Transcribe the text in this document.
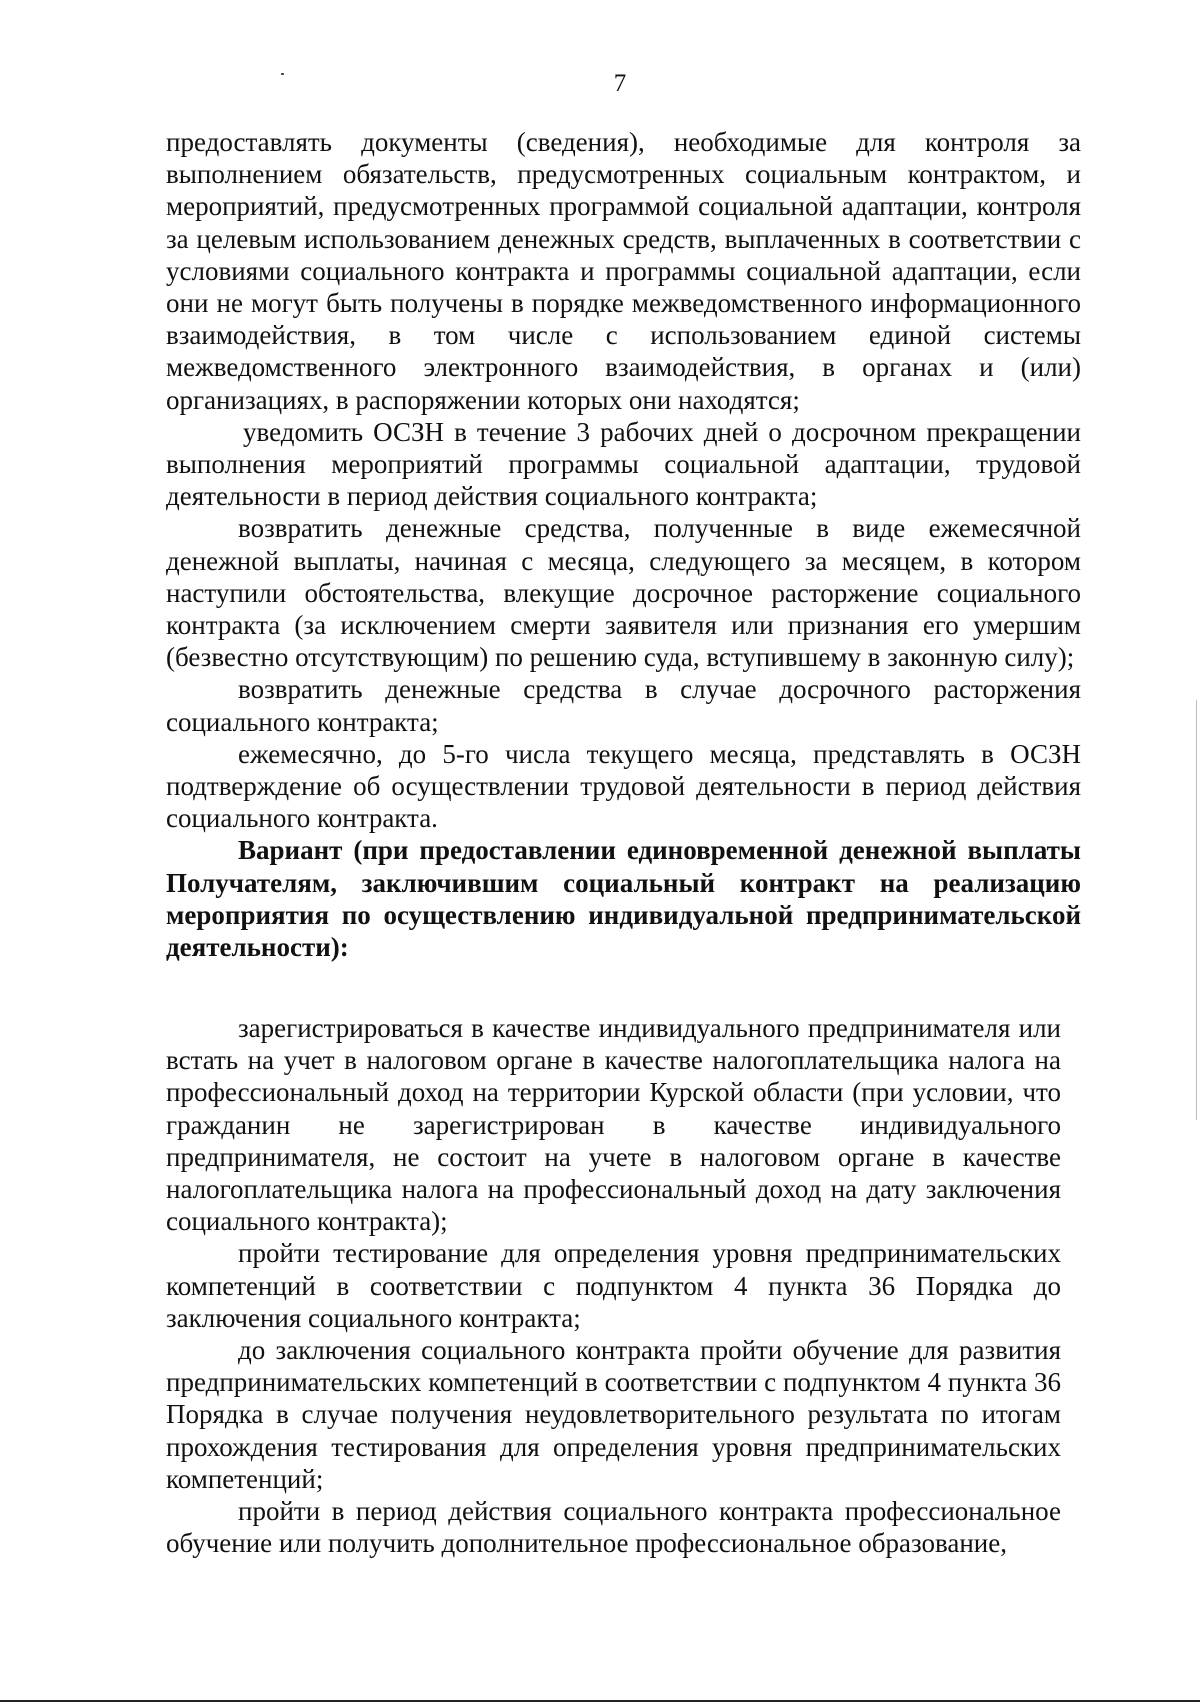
7

предоставлять документы (сведения), необходимые для контроля за выполнением обязательств, предусмотренных социальным контрактом, и мероприятий, предусмотренных программой социальной адаптации, контроля за целевым использованием денежных средств, выплаченных в соответствии с условиями социального контракта и программы социальной адаптации, если они не могут быть получены в порядке межведомственного информационного взаимодействия, в том числе с использованием единой системы межведомственного электронного взаимодействия, в органах и (или) организациях, в распоряжении которых они находятся;

уведомить ОСЗН в течение 3 рабочих дней о досрочном прекращении выполнения мероприятий программы социальной адаптации, трудовой деятельности в период действия социального контракта;

возвратить денежные средства, полученные в виде ежемесячной денежной выплаты, начиная с месяца, следующего за месяцем, в котором наступили обстоятельства, влекущие досрочное расторжение социального контракта (за исключением смерти заявителя или признания его умершим (безвестно отсутствующим) по решению суда, вступившему в законную силу);

возвратить денежные средства в случае досрочного расторжения социального контракта;

ежемесячно, до 5-го числа текущего месяца, представлять в ОСЗН подтверждение об осуществлении трудовой деятельности в период действия социального контракта.

Вариант (при предоставлении единовременной денежной выплаты Получателям, заключившим социальный контракт на реализацию мероприятия по осуществлению индивидуальной предпринимательской деятельности):

зарегистрироваться в качестве индивидуального предпринимателя или встать на учет в налоговом органе в качестве налогоплательщика налога на профессиональный доход на территории Курской области (при условии, что гражданин не зарегистрирован в качестве индивидуального предпринимателя, не состоит на учете в налоговом органе в качестве налогоплательщика налога на профессиональный доход на дату заключения социального контракта);

пройти тестирование для определения уровня предпринимательских компетенций в соответствии с подпунктом 4 пункта 36 Порядка до заключения социального контракта;

до заключения социального контракта пройти обучение для развития предпринимательских компетенций в соответствии с подпунктом 4 пункта 36 Порядка в случае получения неудовлетворительного результата по итогам прохождения тестирования для определения уровня предпринимательских компетенций;

пройти в период действия социального контракта профессиональное обучение или получить дополнительное профессиональное образование,
